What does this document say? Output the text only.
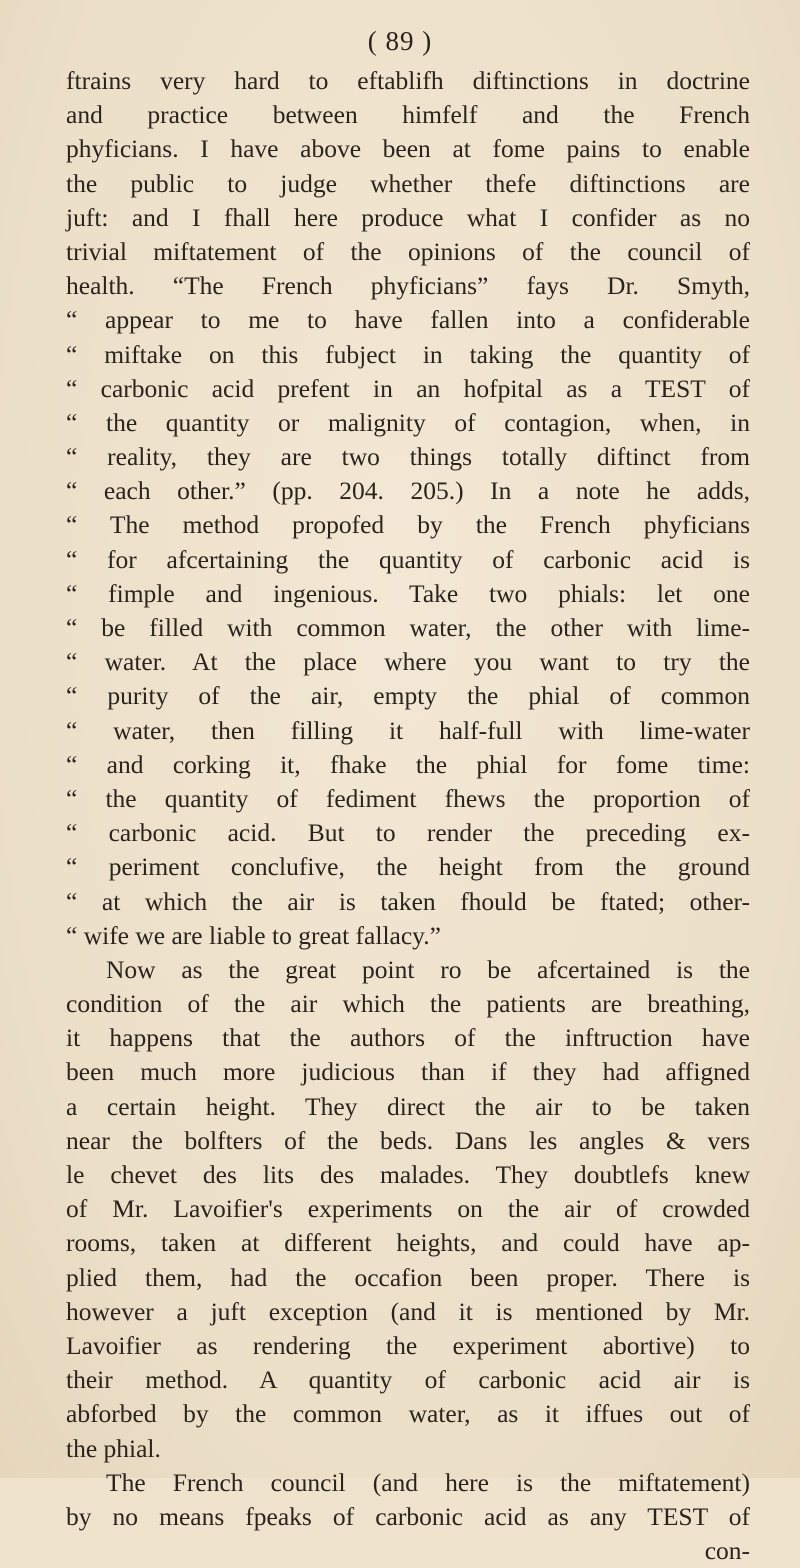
( 89 )
ftrains very hard to eftablifh diftinctions in doctrine
and practice between himfelf and the French
phyficians. I have above been at fome pains to enable
the public to judge whether thefe diftinctions are
juft: and I fhall here produce what I confider as no
trivial miftatement of the opinions of the council of
health. “The French phyficians” fays Dr. Smyth,
“ appear to me to have fallen into a confiderable
“ miftake on this fubject in taking the quantity of
“ carbonic acid prefent in an hofpital as a TEST of
“ the quantity or malignity of contagion, when, in
“ reality, they are two things totally diftinct from
“ each other.” (pp. 204. 205.) In a note he adds,
“ The method propofed by the French phyficians
“ for afcertaining the quantity of carbonic acid is
“ fimple and ingenious. Take two phials: let one
“ be filled with common water, the other with lime-
“ water. At the place where you want to try the
“ purity of the air, empty the phial of common
“ water, then filling it half-full with lime-water
“ and corking it, fhake the phial for fome time:
“ the quantity of fediment fhews the proportion of
“ carbonic acid. But to render the preceding ex-
“ periment conclufive, the height from the ground
“ at which the air is taken fhould be ftated; other-
“ wife we are liable to great fallacy.”
Now as the great point ro be afcertained is the
condition of the air which the patients are breathing,
it happens that the authors of the inftruction have
been much more judicious than if they had affigned
a certain height. They direct the air to be taken
near the bolfters of the beds. Dans les angles & vers
le chevet des lits des malades. They doubtlefs knew
of Mr. Lavoifier's experiments on the air of crowded
rooms, taken at different heights, and could have ap-
plied them, had the occafion been proper. There is
however a juft exception (and it is mentioned by Mr.
Lavoifier as rendering the experiment abortive) to
their method. A quantity of carbonic acid air is
abforbed by the common water, as it iffues out of
the phial.
The French council (and here is the miftatement)
by no means fpeaks of carbonic acid as any TEST of
con-
